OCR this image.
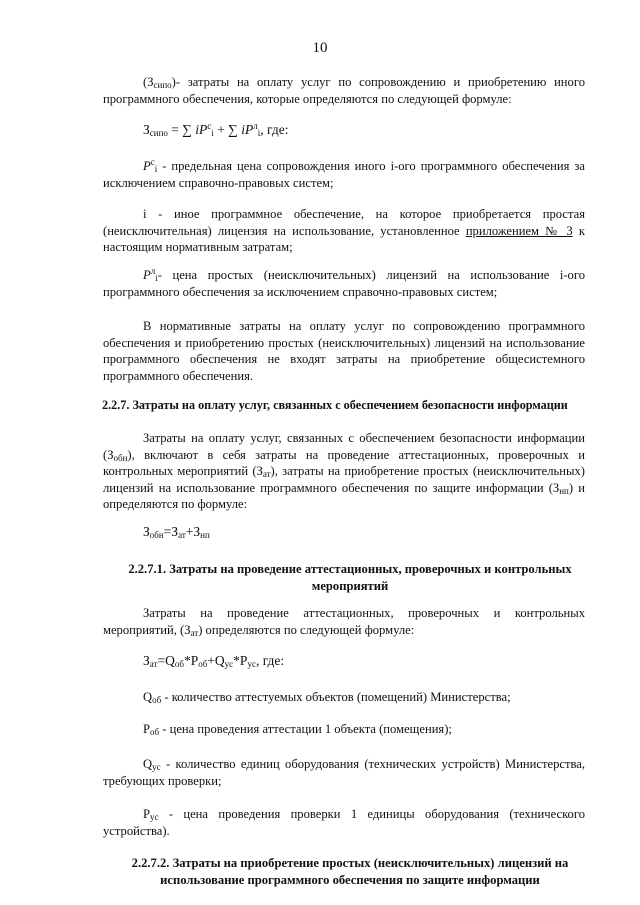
10
$(З_{сипо})-$ затраты на оплату услуг по сопровождению и приобретению иного программного обеспечения, которые определяются по следующей формуле:
$З_{сипо}$ = ∑ $iP^с_i$ + ∑ $iP^л_i$, где:
$P^c_i$ - предельная цена сопровождения иного i-ого программного обеспечения за исключением справочно-правовых систем;
i - иное программное обеспечение, на которое приобретается простая (неисключительная) лицензия на использование, установленное приложением № 3 к настоящим нормативным затратам;
$P^л_i-$ цена простых (неисключительных) лицензий на использование i-ого программного обеспечения за исключением справочно-правовых систем;
В нормативные затраты на оплату услуг по сопровождению программного обеспечения и приобретению простых (неисключительных) лицензий на использование программного обеспечения не входят затраты на приобретение общесистемного программного обеспечения.
2.2.7. Затраты на оплату услуг, связанных с обеспечением безопасности информации
Затраты на оплату услуг, связанных с обеспечением безопасности информации $(З_{обн})$, включают в себя затраты на проведение аттестационных, проверочных и контрольных мероприятий $(З_{ат})$, затраты на приобретение простых (неисключительных) лицензий на использование программного обеспечения по защите информации $(З_{нп})$ и определяются по формуле:
$З_{обн}=З_{ат}+З_{нп}$
2.2.7.1. Затраты на проведение аттестационных, проверочных и контрольных мероприятий
Затраты на проведение аттестационных, проверочных и контрольных мероприятий, $(З_{ат})$ определяются по следующей формуле:
$З_{ат}=Q_{об}*P_{об}+Q_{ус}*P_{ус}$, где:
$Q_{об}$ - количество аттестуемых объектов (помещений) Министерства;
$P_{об}$ - цена проведения аттестации 1 объекта (помещения);
$Q_{ус}$ - количество единиц оборудования (технических устройств) Министерства, требующих проверки;
$P_{ус}$ - цена проведения проверки 1 единицы оборудования (технического устройства).
2.2.7.2. Затраты на приобретение простых (неисключительных) лицензий на использование программного обеспечения по защите информации
